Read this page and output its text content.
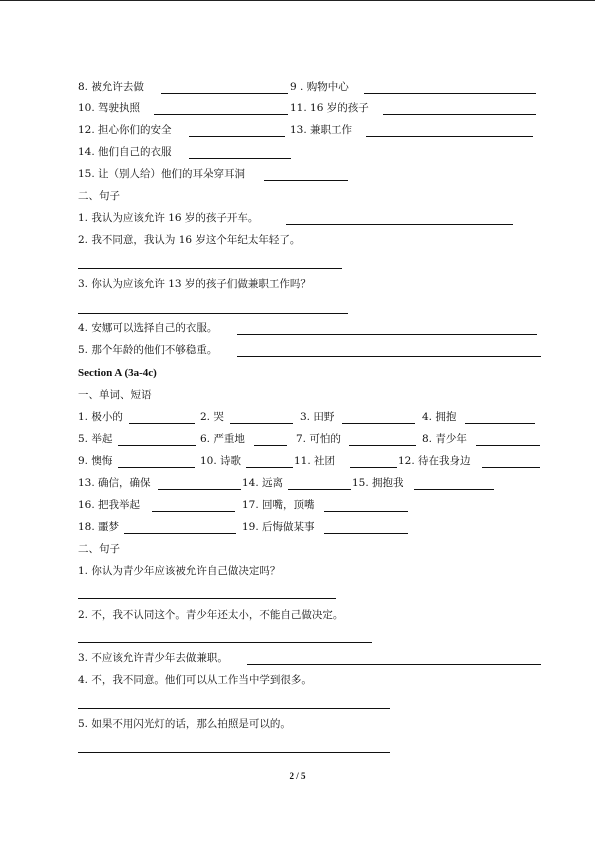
8. 被允许去做	9 . 购物中心
10. 驾驶执照	11. 16 岁的孩子
12. 担心你们的安全	13. 兼职工作
14. 他们自己的衣服
15. 让（别人给）他们的耳朵穿耳洞
二、句子
1. 我认为应该允许 16 岁的孩子开车。
2. 我不同意，我认为 16 岁这个年纪太年轻了。
3. 你认为应该允许 13 岁的孩子们做兼职工作吗？
4. 安娜可以选择自己的衣服。
5. 那个年龄的他们不够稳重。
Section A (3a-4c)
一、单词、短语
1. 极小的	2. 哭	3. 田野	4. 拥抱
5. 举起	6. 严重地	7. 可怕的	8. 青少年
9. 懊悔	10. 诗歌	11. 社团	12. 待在我身边
13. 确信，确保	14. 远离	15. 拥抱我
16. 把我举起	17. 回嘴，顶嘴
18. 噩梦	19. 后悔做某事
二、句子
1. 你认为青少年应该被允许自己做决定吗？
2. 不，我不认同这个。青少年还太小，不能自己做决定。
3. 不应该允许青少年去做兼职。
4. 不，我不同意。他们可以从工作当中学到很多。
5. 如果不用闪光灯的话，那么拍照是可以的。
2 / 5
